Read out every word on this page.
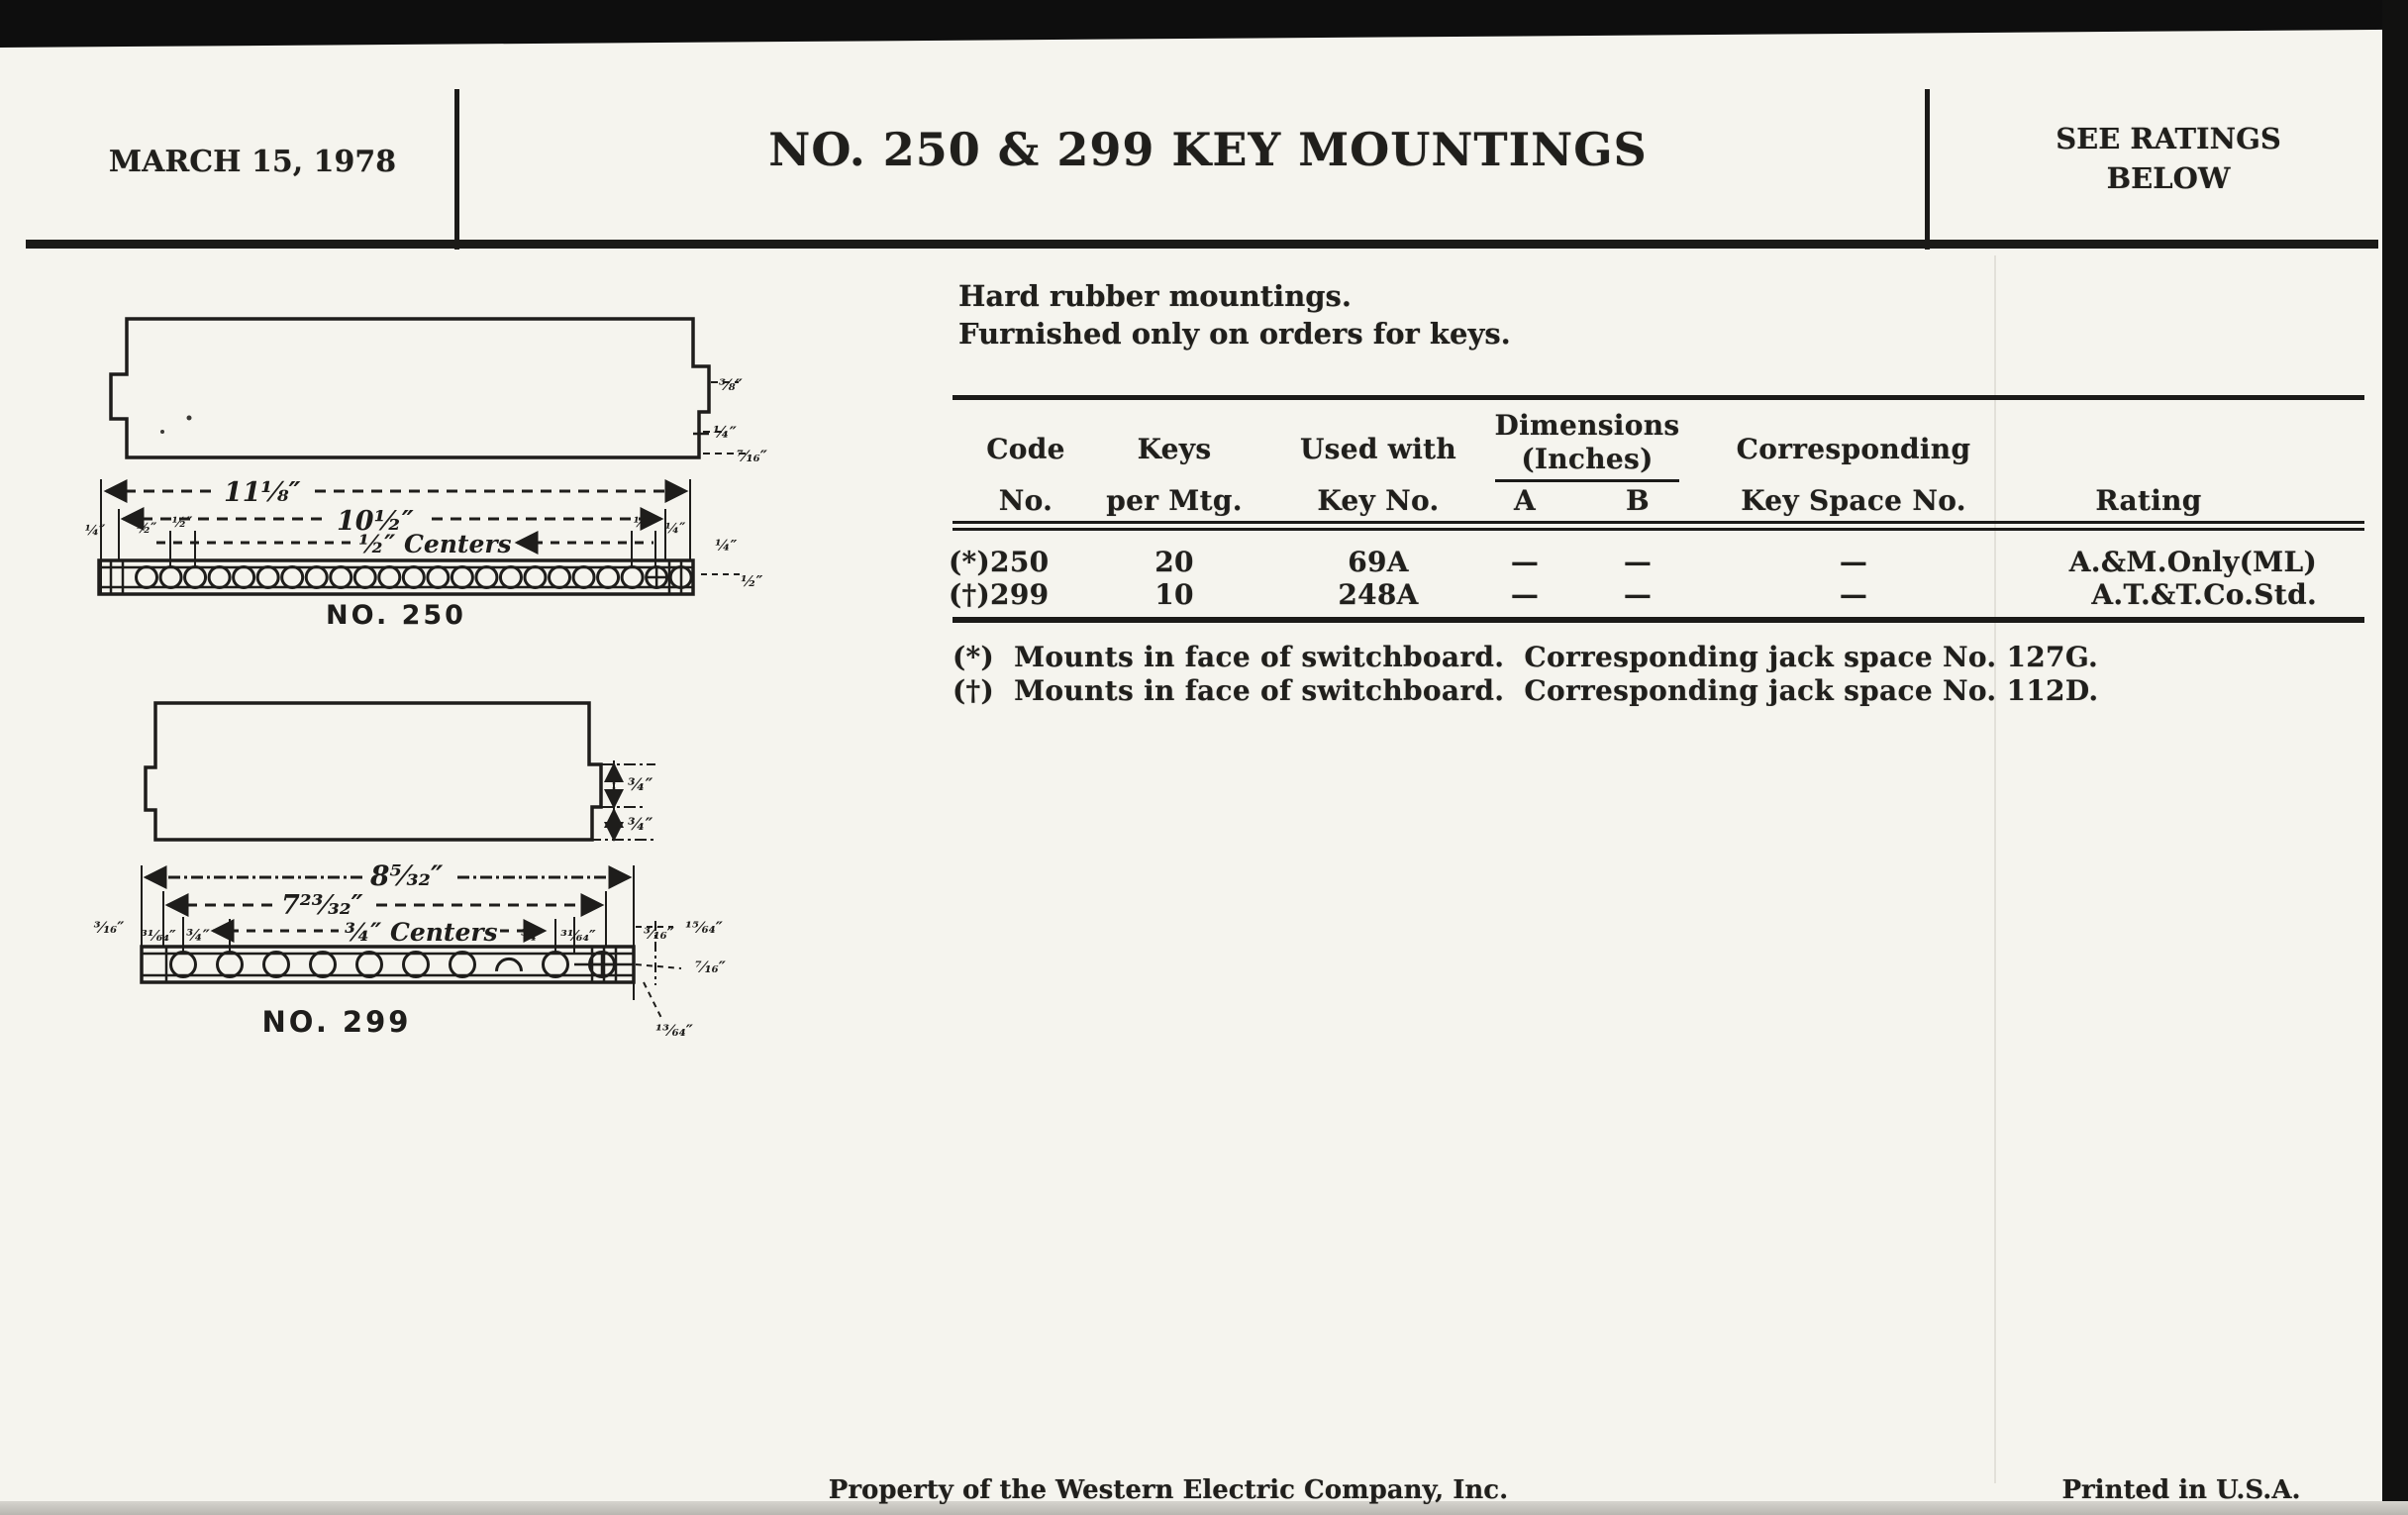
MARCH 15, 1978	NO. 250 & 299 KEY MOUNTINGS	SEE RATINGS
BELOW
Hard rubber mountings.
Furnished only on orders for keys.
Dimensions
(Inches)
Code
No.
Keys
per Mtg.
Used with
Key No.	A	B
Corresponding
Key Space No.	Rating
(*)250	20	69A	—	—	—	A.&M.Only(ML)
(†)299	10	248A	—	—	—	A.T.&T.Co.Std.
(*)  Mounts in face of switchboard.  Corresponding jack space No. 127G.
(†)  Mounts in face of switchboard.  Corresponding jack space No. 112D.
⅜″
¼″
⁷⁄₁₆″
11⅛″
10½″
½″ Centers
¼″ ½″ ½″	½″ ¼″
¼″
½″
NO. 250
¾″
¾″
8⁵⁄₃₂″
7²³⁄₃₂″
¾″ Centers
³⁄₁₆″ ³¹⁄₆₄″ ¾″	¾″ ³¹⁄₆₄″	³⁄₁₆″ ¹⁵⁄₆₄″
⁷⁄₁₆″
¹³⁄₆₄″
NO. 299
Property of the Western Electric Company, Inc.	Printed in U.S.A.
